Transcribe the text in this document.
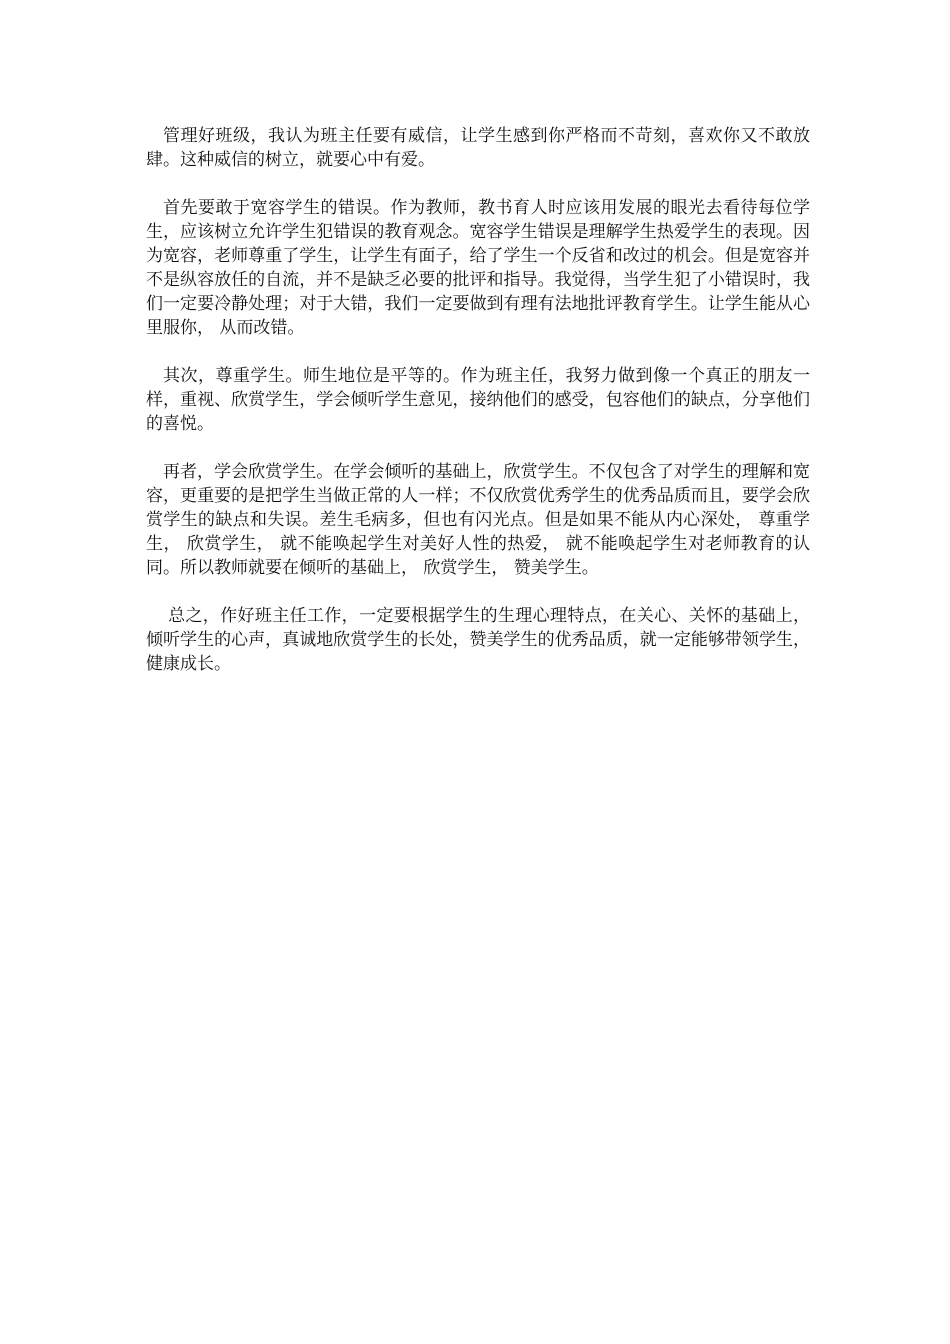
管理好班级，我认为班主任要有威信，让学生感到你严格而不苛刻，喜欢你又不敢放肆。这种威信的树立，就要心中有爱。

首先要敢于宽容学生的错误。作为教师，教书育人时应该用发展的眼光去看待每位学生，应该树立允许学生犯错误的教育观念。宽容学生错误是理解学生热爱学生的表现。因为宽容，老师尊重了学生，让学生有面子，给了学生一个反省和改过的机会。但是宽容并不是纵容放任的自流，并不是缺乏必要的批评和指导。我觉得，当学生犯了小错误时，我们一定要冷静处理；对于大错，我们一定要做到有理有法地批评教育学生。让学生能从心里服你， 从而改错。

其次，尊重学生。师生地位是平等的。作为班主任，我努力做到像一个真正的朋友一样，重视、欣赏学生，学会倾听学生意见，接纳他们的感受，包容他们的缺点，分享他们的喜悦。

再者，学会欣赏学生。在学会倾听的基础上，欣赏学生。不仅包含了对学生的理解和宽容，更重要的是把学生当做正常的人一样；不仅欣赏优秀学生的优秀品质而且，要学会欣赏学生的缺点和失误。差生毛病多，但也有闪光点。但是如果不能从内心深处， 尊重学生， 欣赏学生， 就不能唤起学生对美好人性的热爱， 就不能唤起学生对老师教育的认同。所以教师就要在倾听的基础上， 欣赏学生， 赞美学生。

总之，作好班主任工作，一定要根据学生的生理心理特点，在关心、关怀的基础上，倾听学生的心声，真诚地欣赏学生的长处，赞美学生的优秀品质，就一定能够带领学生， 健康成长。
